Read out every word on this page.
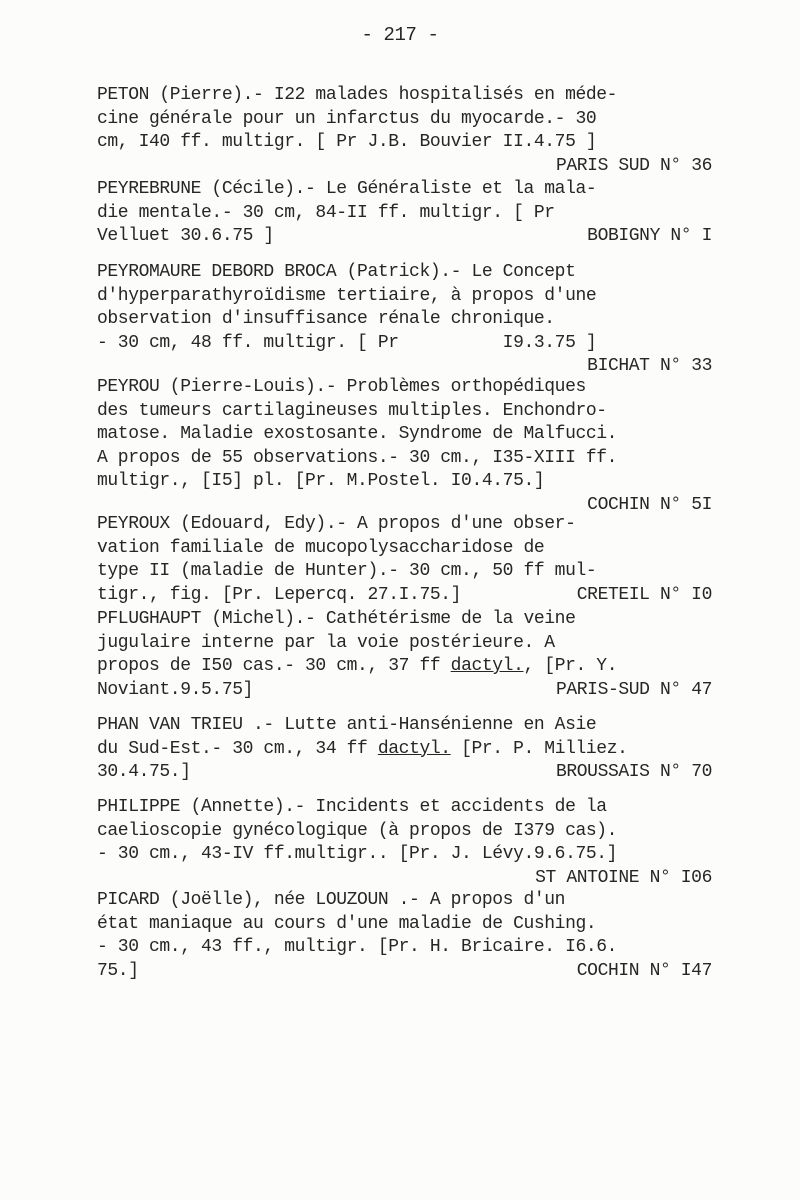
- 217 -
PETON (Pierre).- I22 malades hospitalisés en méde-
cine générale pour un infarctus du myocarde.- 30
cm, I40 ff. multigr. [ Pr J.B. Bouvier II.4.75 ]
PARIS SUD N° 36
PEYREBRUNE (Cécile).- Le Généraliste et la mala-
die mentale.- 30 cm, 84-II ff. multigr. [ Pr
Velluet 30.6.75 ]	BOBIGNY N° I
PEYROMAURE DEBORD BROCA (Patrick).- Le Concept
d'hyperparathyroïdisme tertiaire, à propos d'une
observation d'insuffisance rénale chronique.
- 30 cm, 48 ff. multigr. [ Pr          I9.3.75 ]
BICHAT N° 33
PEYROU (Pierre-Louis).- Problèmes orthopédiques
des tumeurs cartilagineuses multiples. Enchondro-
matose. Maladie exostosante. Syndrome de Malfucci.
A propos de 55 observations.- 30 cm., I35-XIII ff.
multigr., [I5] pl. [Pr. M.Postel. I0.4.75.]
COCHIN N° 5I
PEYROUX (Edouard, Edy).- A propos d'une obser-
vation familiale de mucopolysaccharidose de
type II (maladie de Hunter).- 30 cm., 50 ff mul-
tigr., fig. [Pr. Lepercq. 27.I.75.]	CRETEIL N° I0
PFLUGHAUPT (Michel).- Cathétérisme de la veine
jugulaire interne par la voie postérieure. A
propos de I50 cas.- 30 cm., 37 ff dactyl., [Pr. Y.
Noviant.9.5.75]	PARIS-SUD N° 47
PHAN VAN TRIEU .- Lutte anti-Hansénienne en Asie
du Sud-Est.- 30 cm., 34 ff dactyl. [Pr. P. Milliez.
30.4.75.]	BROUSSAIS N° 70
PHILIPPE (Annette).- Incidents et accidents de la
caelioscopie gynécologique (à propos de I379 cas).
- 30 cm., 43-IV ff.multigr.. [Pr. J. Lévy.9.6.75.]
ST ANTOINE N° I06
PICARD (Joëlle), née LOUZOUN .- A propos d'un
état maniaque au cours d'une maladie de Cushing.
- 30 cm., 43 ff., multigr. [Pr. H. Bricaire. I6.6.
75.]	COCHIN N° I47
